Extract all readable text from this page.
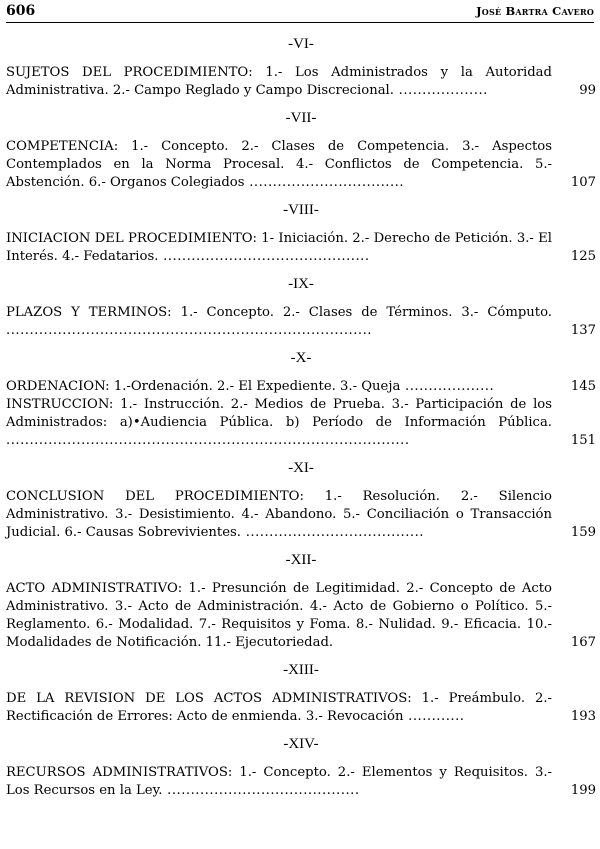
606	José Bartra Cavero
-VI-
SUJETOS DEL PROCEDIMIENTO: 1.- Los Administrados y la Autoridad Administrativa. 2.- Campo Reglado y Campo Discrecional. ...................	99
-VII-
COMPETENCIA: 1.- Concepto. 2.- Clases de Competencia. 3.- Aspectos Contemplados en la Norma Procesal. 4.- Conflictos de Competencia. 5.- Abstención. 6.- Organos Colegiados .................................	107
-VIII-
INICIACION DEL PROCEDIMIENTO: 1- Iniciación. 2.- Derecho de Petición. 3.- El Interés. 4.- Fedatarios. ............................................	125
-IX-
PLAZOS Y TERMINOS: 1.- Concepto. 2.- Clases de Términos. 3.- Cómputo. ..............................................................................	137
-X-
ORDENACION: 1.-Ordenación. 2.- El Expediente. 3.- Queja ...................	145
INSTRUCCION: 1.- Instrucción. 2.- Medios de Prueba. 3.- Participación de los Administrados: a)•Audiencia Pública. b) Período de Información Pública. ......................................................................................	151
-XI-
CONCLUSION DEL PROCEDIMIENTO: 1.- Resolución. 2.- Silencio Administrativo. 3.- Desistimiento. 4.- Abandono. 5.- Conciliación o Transacción Judicial. 6.- Causas Sobrevivientes. ......................................	159
-XII-
ACTO ADMINISTRATIVO: 1.- Presunción de Legitimidad. 2.- Concepto de Acto Administrativo. 3.- Acto de Administración. 4.- Acto de Gobierno o Político. 5.- Reglamento. 6.- Modalidad. 7.- Requisitos y Foma. 8.- Nulidad. 9.- Eficacia. 10.- Modalidades de Notificación. 11.- Ejecutoriedad.	167
-XIII-
DE LA REVISION DE LOS ACTOS ADMINISTRATIVOS: 1.- Preámbulo. 2.- Rectificación de Errores: Acto de enmienda. 3.- Revocación ............	193
-XIV-
RECURSOS ADMINISTRATIVOS: 1.- Concepto. 2.- Elementos y Requisitos. 3.- Los Recursos en la Ley. .........................................	199
